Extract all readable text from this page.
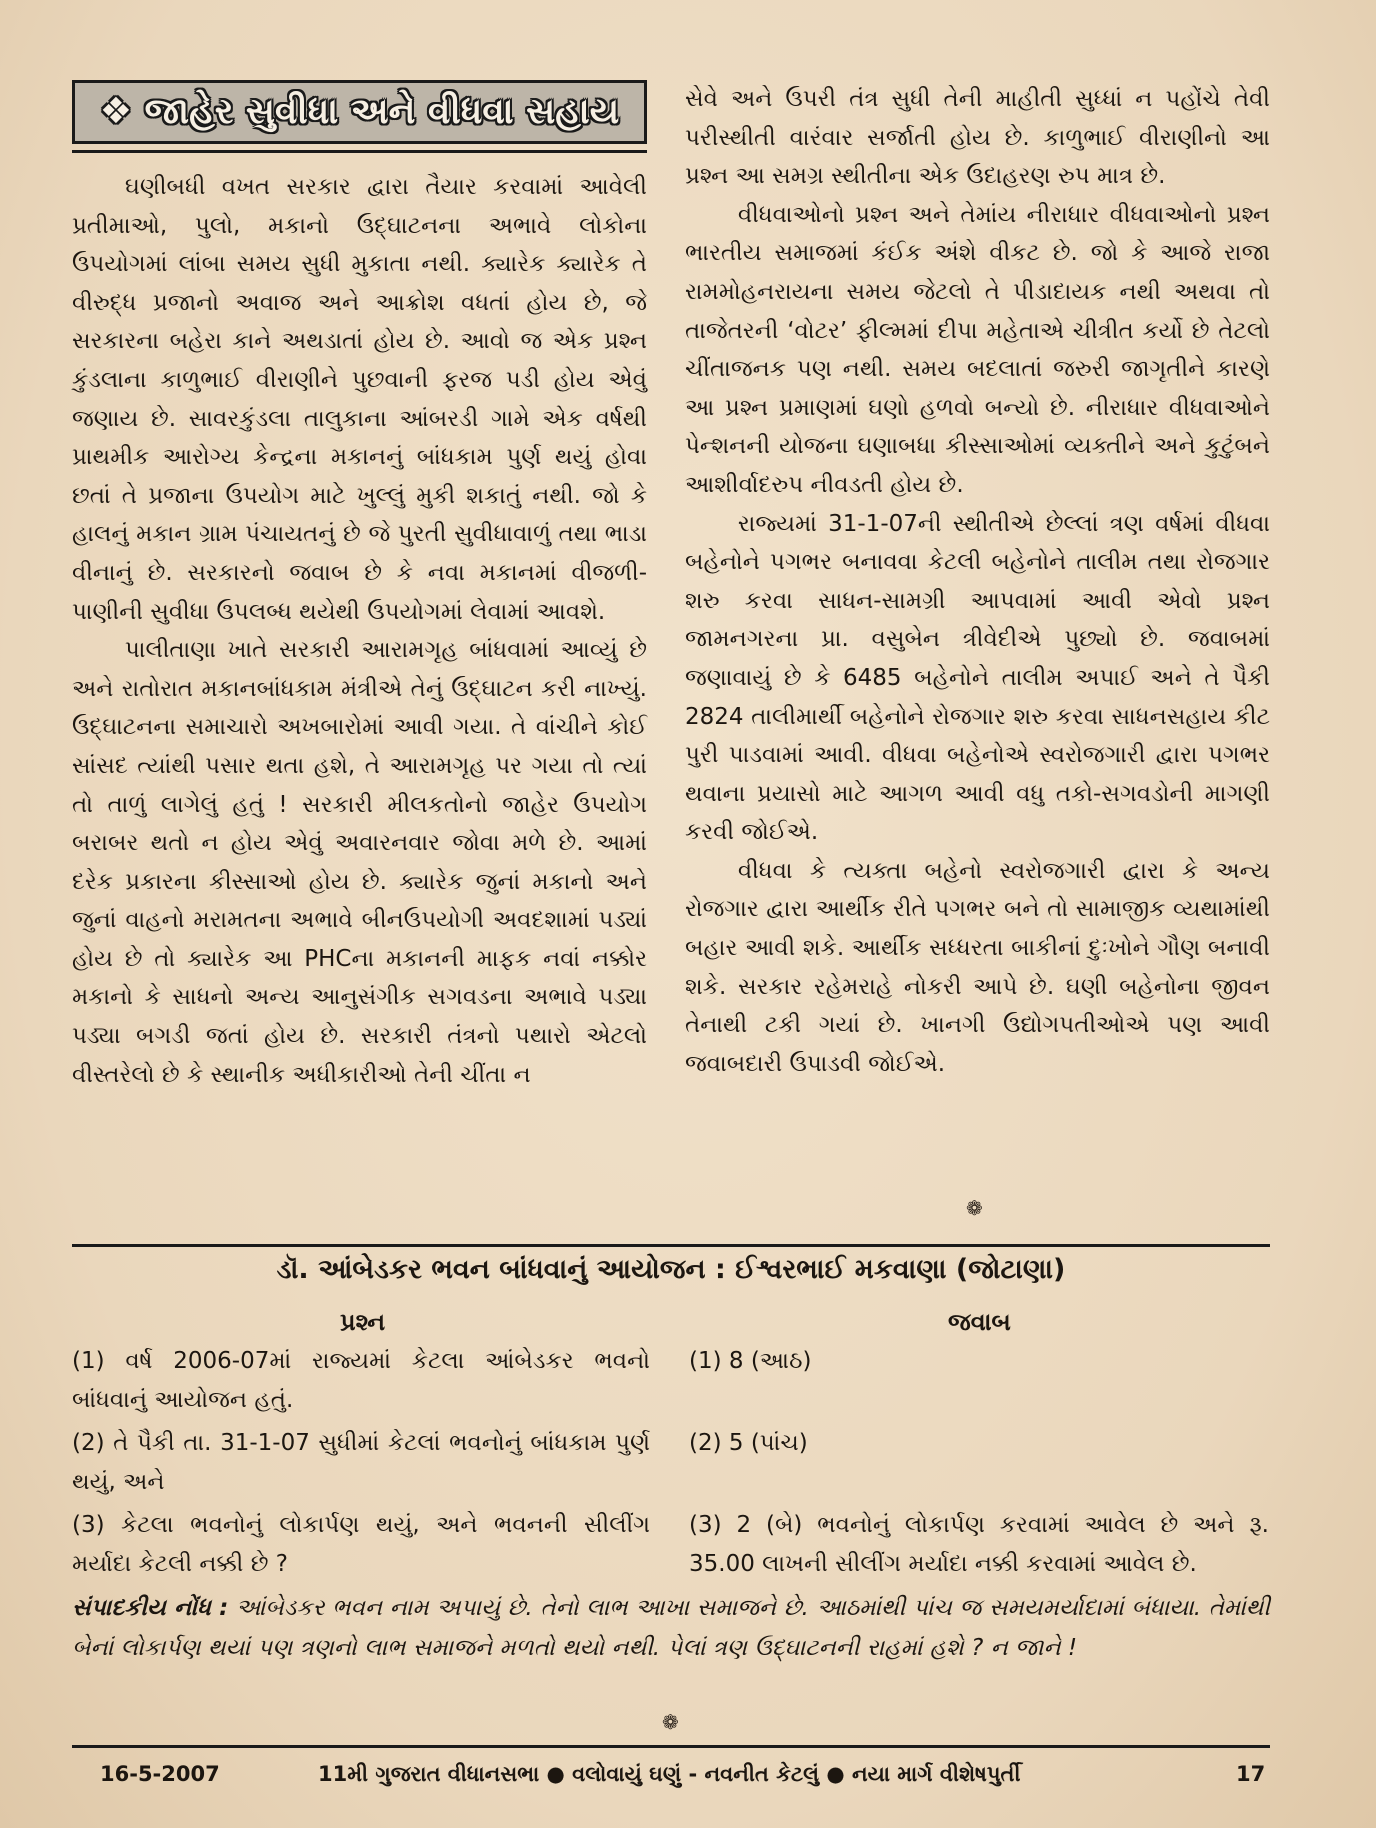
❖ જાહેર સુવીધા અને વીધવા સહાય

ઘણીબધી વખત સરકાર દ્વારા તૈયાર કરવામાં આવેલી પ્રતીમાઓ, પુલો, મકાનો ઉદ્ઘાટનના અભાવે લોકોના ઉપયોગમાં લાંબા સમય સુધી મુકાતા નથી. ક્યારેક ક્યારેક તે વીરુદ્ધ પ્રજાનો અવાજ અને આક્રોશ વધતાં હોય છે, જે સરકારના બહેરા કાને અથડાતાં હોય છે. આવો જ એક પ્રશ્ન કુંડલાના કાળુભાઈ વીરાણીને પુછવાની ફરજ પડી હોય એવું જણાય છે. સાવરકુંડલા તાલુકાના આંબરડી ગામે એક વર્ષથી પ્રાથમીક આરોગ્ય કેન્દ્રના મકાનનું બાંધકામ પુર્ણ થયું હોવા છતાં તે પ્રજાના ઉપયોગ માટે ખુલ્લું મુકી શકાતું નથી. જો કે હાલનું મકાન ગ્રામ પંચાયતનું છે જે પુરતી સુવીધાવાળું તથા ભાડા વીનાનું છે. સરકારનો જવાબ છે કે નવા મકાનમાં વીજળી-પાણીની સુવીધા ઉપલબ્ધ થયેથી ઉપયોગમાં લેવામાં આવશે.

પાલીતાણા ખાતે સરકારી આરામગૃહ બાંધવામાં આવ્યું છે અને રાતોરાત મકાનબાંધકામ મંત્રીએ તેનું ઉદ્ઘાટન કરી નાખ્યું. ઉદ્ઘાટનના સમાચારો અખબારોમાં આવી ગયા. તે વાંચીને કોઈ સાંસદ ત્યાંથી પસાર થતા હશે, તે આરામગૃહ પર ગયા તો ત્યાં તો તાળું લાગેલું હતું ! સરકારી મીલકતોનો જાહેર ઉપયોગ બરાબર થતો ન હોય એવું અવારનવાર જોવા મળે છે. આમાં દરેક પ્રકારના કીસ્સાઓ હોય છે. ક્યારેક જુનાં મકાનો અને જુનાં વાહનો મરામતના અભાવે બીનઉપયોગી અવદશામાં પડ્યાં હોય છે તો ક્યારેક આ PHCના મકાનની માફક નવાં નક્કોર મકાનો કે સાધનો અન્ય આનુસંગીક સગવડના અભાવે પડ્યા પડ્યા બગડી જતાં હોય છે. સરકારી તંત્રનો પથારો એટલો વીસ્તરેલો છે કે સ્થાનીક અધીકારીઓ તેની ચીંતા ન

સેવે અને ઉપરી તંત્ર સુધી તેની માહીતી સુધ્ધાં ન પહોંચે તેવી પરીસ્થીતી વારંવાર સર્જાતી હોય છે. કાળુભાઈ વીરાણીનો આ પ્રશ્ન આ સમગ્ર સ્થીતીના એક ઉદાહરણ રુપ માત્ર છે.

વીધવાઓનો પ્રશ્ન અને તેમાંય નીરાધાર વીધવાઓનો પ્રશ્ન ભારતીય સમાજમાં કંઈક અંશે વીકટ છે. જો કે આજે રાજા રામમોહનરાયના સમય જેટલો તે પીડાદાયક નથી અથવા તો તાજેતરની ‘વોટર’ ફીલ્મમાં દીપા મહેતાએ ચીત્રીત કર્યો છે તેટલો ચીંતાજનક પણ નથી. સમય બદલાતાં જરુરી જાગૃતીને કારણે આ પ્રશ્ન પ્રમાણમાં ઘણો હળવો બન્યો છે. નીરાધાર વીધવાઓને પેન્શનની યોજના ઘણાબધા કીસ્સાઓમાં વ્યક્તીને અને કુટુંબને આશીર્વાદરુપ નીવડતી હોય છે.

રાજ્યમાં 31-1-07ની સ્થીતીએ છેલ્લાં ત્રણ વર્ષમાં વીધવા બહેનોને પગભર બનાવવા કેટલી બહેનોને તાલીમ તથા રોજગાર શરુ કરવા સાધન-સામગ્રી આપવામાં આવી એવો પ્રશ્ન જામનગરના પ્રા. વસુબેન ત્રીવેદીએ પુછ્યો છે. જવાબમાં જણાવાયું છે કે 6485 બહેનોને તાલીમ અપાઈ અને તે પૈકી 2824 તાલીમાર્થી બહેનોને રોજગાર શરુ કરવા સાધનસહાય કીટ પુરી પાડવામાં આવી. વીધવા બહેનોએ સ્વરોજગારી દ્વારા પગભર થવાના પ્રયાસો માટે આગળ આવી વધુ તકો-સગવડોની માગણી કરવી જોઈએ.

વીધવા કે ત્યક્તા બહેનો સ્વરોજગારી દ્વારા કે અન્ય રોજગાર દ્વારા આર્થીક રીતે પગભર બને તો સામાજીક વ્યથામાંથી બહાર આવી શકે. આર્થીક સધ્ધરતા બાકીનાં દુઃખોને ગૌણ બનાવી શકે. સરકાર રહેમરાહે નોકરી આપે છે. ઘણી બહેનોના જીવન તેનાથી ટકી ગયાં છે. ખાનગી ઉદ્યોગપતીઓએ પણ આવી જવાબદારી ઉપાડવી જોઈએ.

❁
ડૉ. આંબેડકર ભવન બાંધવાનું આયોજન : ઈશ્વરભાઈ મકવાણા (જોટાણા)
પ્રશ્ન	જવાબ
(1) વર્ષ 2006-07માં રાજ્યમાં કેટલા આંબેડકર ભવનો બાંધવાનું આયોજન હતું.
(1) 8 (આઠ)
(2) તે પૈકી તા. 31-1-07 સુધીમાં કેટલાં ભવનોનું બાંધકામ પુર્ણ થયું, અને
(2) 5 (પાંચ)
(3) કેટલા ભવનોનું લોકાર્પણ થયું, અને ભવનની સીલીંગ મર્યાદા કેટલી નક્કી છે ?
(3) 2 (બે) ભવનોનું લોકાર્પણ કરવામાં આવેલ છે અને રૂ. 35.00 લાખની સીલીંગ મર્યાદા નક્કી કરવામાં આવેલ છે.
સંપાદકીય નોંધ : આંબેડકર ભવન નામ અપાયું છે. તેનો લાભ આખા સમાજને છે. આઠમાંથી પાંચ જ સમયમર્યાદામાં બંધાયા. તેમાંથી બેનાં લોકાર્પણ થયાં પણ ત્રણનો લાભ સમાજને મળતો થયો નથી. પેલાં ત્રણ ઉદ્ઘાટનની રાહમાં હશે ? ન જાને !
❁
16-5-2007	11મી ગુજરાત વીધાનસભા ● વલોવાયું ઘણું - નવનીત કેટલું ● નયા માર્ગ વીશેષપુર્તી	17
